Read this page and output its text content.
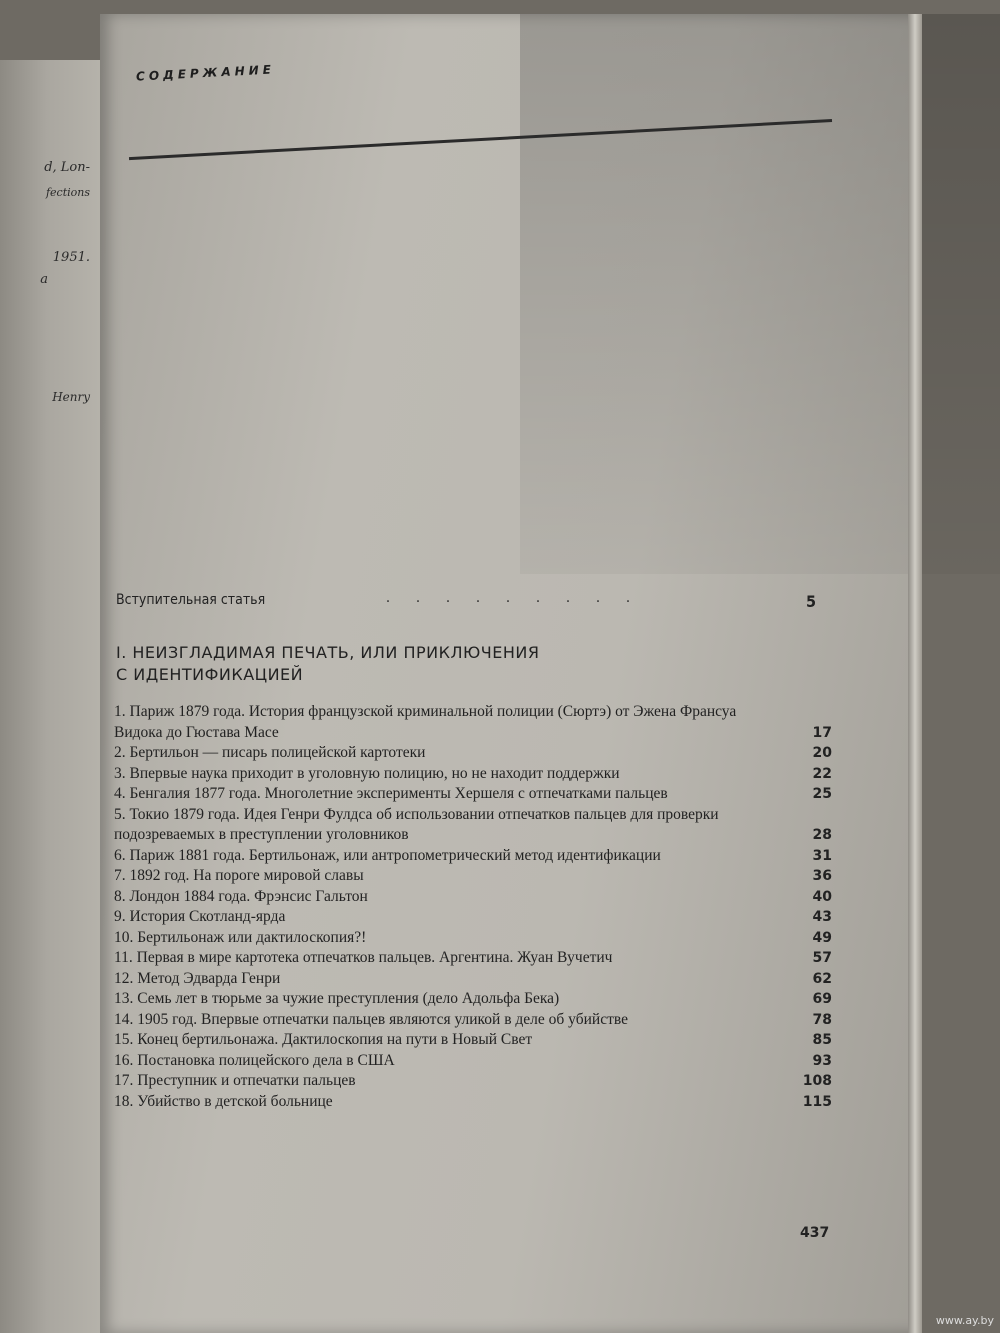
d, Lon-
fections
1951.
a
Henry
СОДЕРЖАНИЕ
Вступительная статья	. . . . . . . . .	5
I. НЕИЗГЛАДИМАЯ ПЕЧАТЬ, ИЛИ ПРИКЛЮЧЕНИЯ
С ИДЕНТИФИКАЦИЕЙ
1. Париж 1879 года. История французской криминальной полиции (Сюртэ) от Эжена Франсуа Видока до Гюстава Масе	17
2. Бертильон — писарь полицейской картотеки	20
3. Впервые наука приходит в уголовную полицию, но не находит поддержки	22
4. Бенгалия 1877 года. Многолетние эксперименты Хершеля с отпечатками пальцев	25
5. Токио 1879 года. Идея Генри Фулдса об использовании отпечатков пальцев для проверки подозреваемых в преступлении уголовников	28
6. Париж 1881 года. Бертильонаж, или антропометрический метод идентификации	31
7. 1892 год. На пороге мировой славы	36
8. Лондон 1884 года. Фрэнсис Гальтон	40
9. История Скотланд-ярда	43
10. Бертильонаж или дактилоскопия?!	49
11. Первая в мире картотека отпечатков пальцев. Аргентина. Жуан Вучетич	57
12. Метод Эдварда Генри	62
13. Семь лет в тюрьме за чужие преступления (дело Адольфа Бека)	69
14. 1905 год. Впервые отпечатки пальцев являются уликой в деле об убийстве	78
15. Конец бертильонажа. Дактилоскопия на пути в Новый Свет	85
16. Постановка полицейского дела в США	93
17. Преступник и отпечатки пальцев	108
18. Убийство в детской больнице	115
437
www.ay.by
